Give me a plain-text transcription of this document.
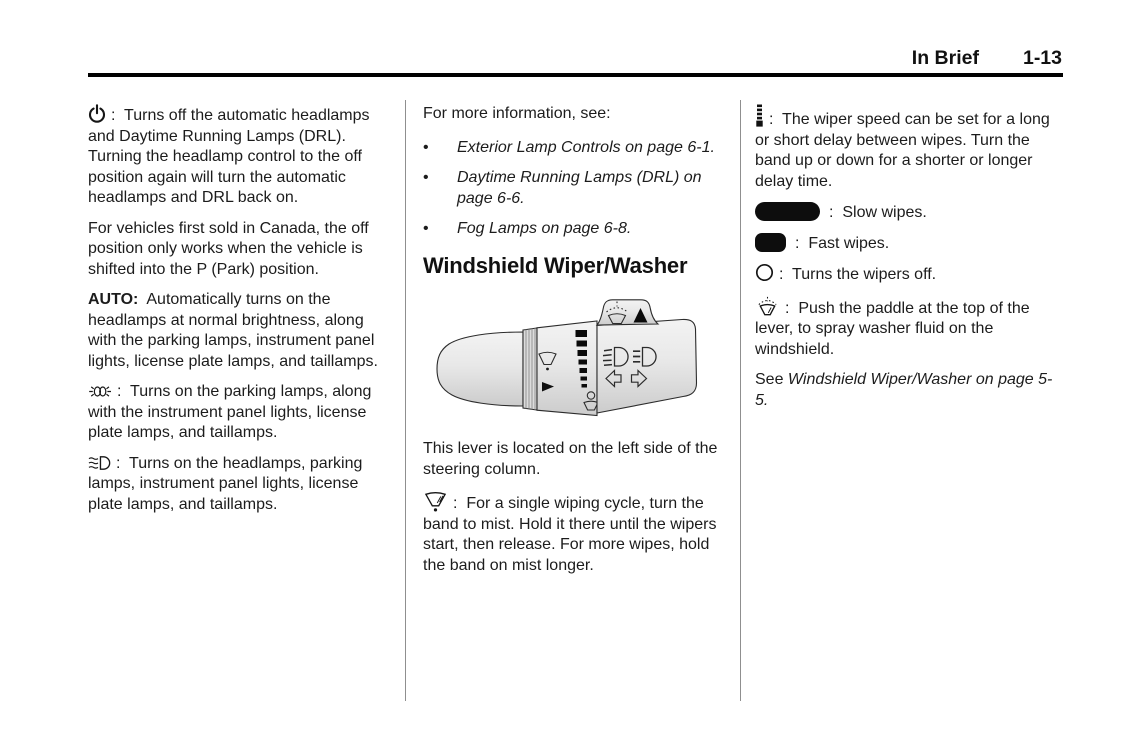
In Brief 1-13

:  Turns off the automatic headlamps and Daytime Running Lamps (DRL). Turning the headlamp control to the off position again will turn the automatic headlamps and DRL back on.

For vehicles first sold in Canada, the off position only works when the vehicle is shifted into the P (Park) position.

AUTO:  Automatically turns on the headlamps at normal brightness, along with the parking lamps, instrument panel lights, license plate lamps, and taillamps.

:  Turns on the parking lamps, along with the instrument panel lights, license plate lamps, and taillamps.

:  Turns on the headlamps, parking lamps, instrument panel lights, license plate lamps, and taillamps.

For more information, see:

•	Exterior Lamp Controls on page 6-1.
•	Daytime Running Lamps (DRL) on page 6-6.
•	Fog Lamps on page 6-8.
Windshield Wiper/Washer

This lever is located on the left side of the steering column.

:  For a single wiping cycle, turn the band to mist. Hold it there until the wipers start, then release. For more wipes, hold the band on mist longer.

:  The wiper speed can be set for a long or short delay between wipes. Turn the band up or down for a shorter or longer delay time.

:  Slow wipes.

:  Fast wipes.

:  Turns the wipers off.

:  Push the paddle at the top of the lever, to spray washer fluid on the windshield.

See Windshield Wiper/Washer on page 5-5.
